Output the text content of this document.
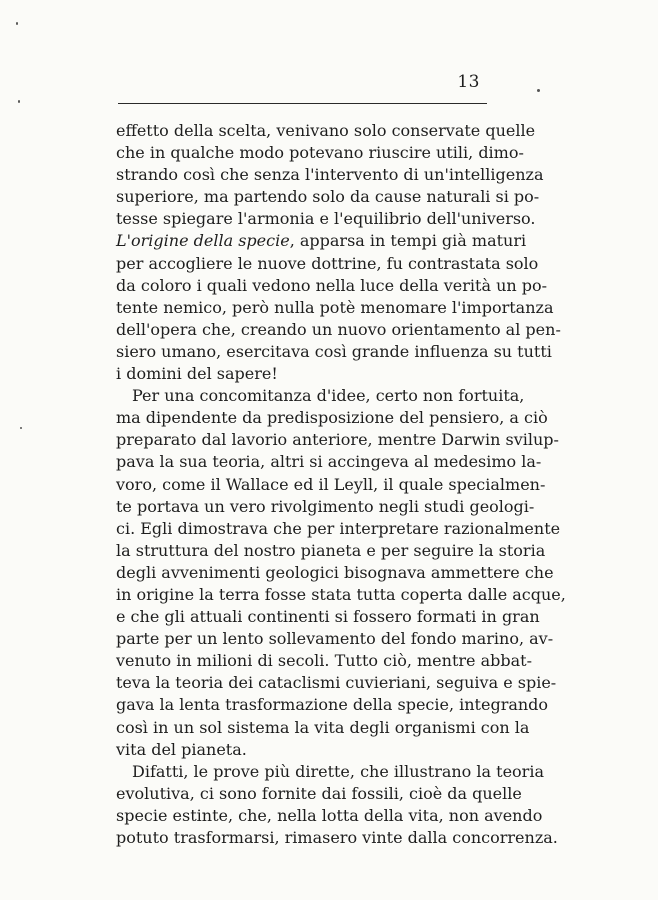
13
effetto della scelta, venivano solo conservate quelle
che in qualche modo potevano riuscire utili, dimo-
strando così che senza l'intervento di un'intelligenza
superiore, ma partendo solo da cause naturali si po-
tesse spiegare l'armonia e l'equilibrio dell'universo.
L'origine della specie, apparsa in tempi già maturi
per accogliere le nuove dottrine, fu contrastata solo
da coloro i quali vedono nella luce della verità un po-
tente nemico, però nulla potè menomare l'importanza
dell'opera che, creando un nuovo orientamento al pen-
siero umano, esercitava così grande influenza su tutti
i domini del sapere!
Per una concomitanza d'idee, certo non fortuita,
ma dipendente da predisposizione del pensiero, a ciò
preparato dal lavorio anteriore, mentre Darwin svilup-
pava la sua teoria, altri si accingeva al medesimo la-
voro, come il Wallace ed il Leyll, il quale specialmen-
te portava un vero rivolgimento negli studi geologi-
ci. Egli dimostrava che per interpretare razionalmente
la struttura del nostro pianeta e per seguire la storia
degli avvenimenti geologici bisognava ammettere che
in origine la terra fosse stata tutta coperta dalle acque,
e che gli attuali continenti si fossero formati in gran
parte per un lento sollevamento del fondo marino, av-
venuto in milioni di secoli. Tutto ciò, mentre abbat-
teva la teoria dei cataclismi cuvieriani, seguiva e spie-
gava la lenta trasformazione della specie, integrando
così in un sol sistema la vita degli organismi con la
vita del pianeta.
Difatti, le prove più dirette, che illustrano la teoria
evolutiva, ci sono fornite dai fossili, cioè da quelle
specie estinte, che, nella lotta della vita, non avendo
potuto trasformarsi, rimasero vinte dalla concorrenza.
